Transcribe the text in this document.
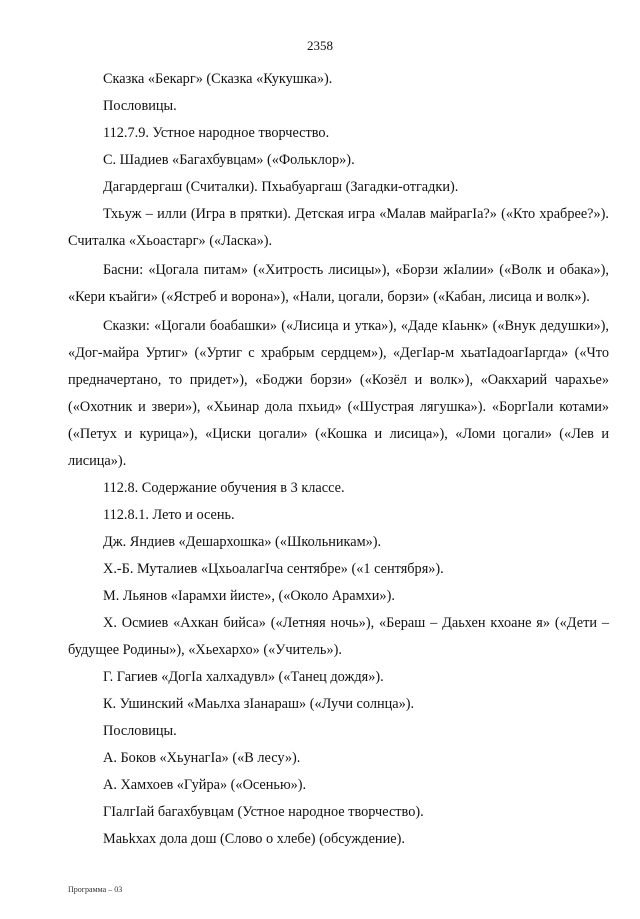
2358

Сказка «Бекарг» (Сказка «Кукушка»).

Пословицы.

112.7.9. Устное народное творчество.

С. Шадиев «Багахбувцам» («Фольклор»).

Дагардергаш (Считалки). Пхьабуаргаш (Загадки-отгадки).

Тхьуж – илли (Игра в прятки). Детская игра «Малав майрагIа?» («Кто храбрее?»). Считалка «Хьоастарг» («Ласка»).

Басни: «Цогала питам» («Хитрость лисицы»), «Борзи жIалии» («Волк и обака»), «Кери къайги» («Ястреб и ворона»), «Нали, цогали, борзи» («Кабан, лисица и волк»).

Сказки: «Цогали боабашки» («Лисица и утка»), «Даде кIаьнк» («Внук дедушки»), «Дог-майра Уртиг» («Уртиг с храбрым сердцем»), «ДегIар-м хьатIадоагIаргда» («Что предначертано, то придет»), «Бoджи борзи» («Козёл и волк»), «Оакхарий чарахье» («Охотник и звери»), «Хьинар дола пхьид» («Шустрая лягушка»). «БоргIали котами» («Петух и курица»), «Циски цогали» («Кошка и лисица»), «Ломи цогали» («Лев и лисица»).

112.8. Содержание обучения в 3 классе.

112.8.1. Лето и осень.

Дж. Яндиев «Дешархошка» («Школьникам»).

Х.-Б. Муталиев «ЦхьоалагIча сентябре» («1 сентября»).

М. Льянов «Iарамхи йисте», («Около Арамхи»).

Х. Осмиев «Ахкан бийса» («Летняя ночь»), «Бераш – Даьхен кхоане я» («Дети – будущее Родины»), «Хьехархо» («Учитель»).

Г. Гагиев «ДогIа халхадувл» («Танец дождя»).

К. Ушинский «Маьлха зIанараш» («Лучи солнца»).

Пословицы.

А. Боков «ХьунагIа» («В лесу»).

А. Хамхоев «Гуйра» («Осенью»).

ГIалгIай багахбувцам (Устное народное творчество).

Маьkхах дола дош (Слово о хлебе) (обсуждение).

Программа – 03
